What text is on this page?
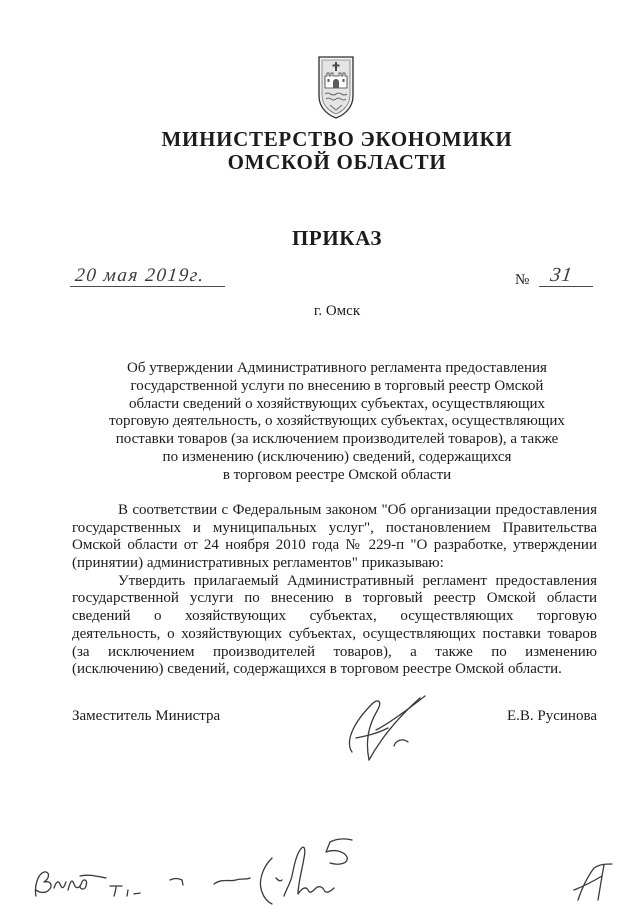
МИНИСТЕРСТВО ЭКОНОМИКИ
ОМСКОЙ ОБЛАСТИ
ПРИКАЗ
20 мая 2019г.	№ 31
г. Омск
Об утверждении Административного регламента предоставления
государственной услуги по внесению в торговый реестр Омской
области сведений о хозяйствующих субъектах, осуществляющих
торговую деятельность, о хозяйствующих субъектах, осуществляющих
поставки товаров (за исключением производителей товаров), а также
по изменению (исключению) сведений, содержащихся
в торговом реестре Омской области
В соответствии с Федеральным законом "Об организации предоставления
государственных и муниципальных услуг", постановлением Правительства
Омской области от 24 ноября 2010 года № 229-п "О разработке, утверждении
(принятии) административных регламентов" приказываю:
Утвердить прилагаемый Административный регламент предоставления
государственной услуги по внесению в торговый реестр Омской области
сведений о хозяйствующих субъектах, осуществляющих торговую
деятельность, о хозяйствующих субъектах, осуществляющих поставки товаров
(за исключением производителей товаров), а также по изменению
(исключению) сведений, содержащихся в торговом реестре Омской области.
Заместитель Министра	Е.В. Русинова
